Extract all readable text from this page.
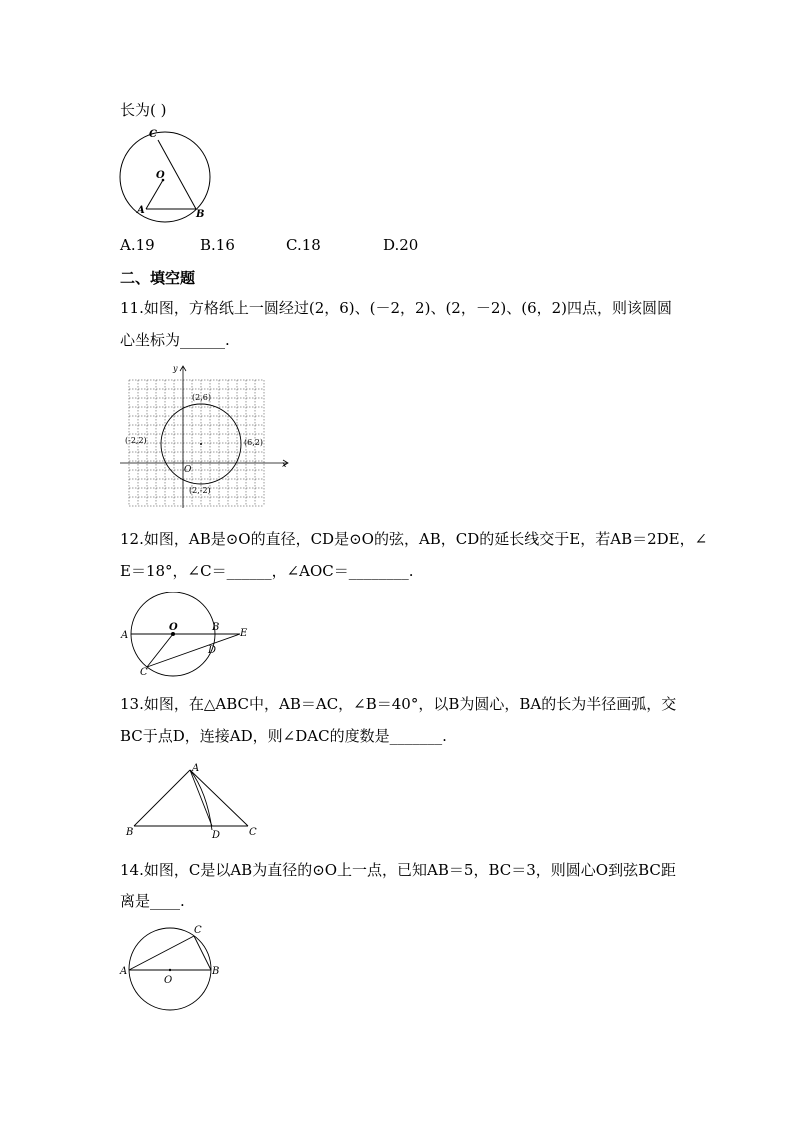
长为( )
C
O
A	B
A.19	B.16	C.18	D.20
二、填空题
11.如图，方格纸上一圆经过(2，6)、(－2，2)、(2，－2)、(6，2)四点，则该圆圆
心坐标为______.
y
x
O
(2,6)
(-2,2)	(6,2)
(2,-2)
12.如图，AB是⊙O的直径，CD是⊙O的弦，AB，CD的延长线交于E，若AB＝2DE，∠
E＝18°，∠C＝______，∠AOC＝________.
A
O	B
E
D
C
13.如图，在△ABC中，AB＝AC，∠B＝40°，以B为圆心，BA的长为半径画弧，交
BC于点D，连接AD，则∠DAC的度数是_______.
A
B	D	C
14.如图，C是以AB为直径的⊙O上一点，已知AB＝5，BC＝3，则圆心O到弦BC距
离是____.
A
O
B
C
